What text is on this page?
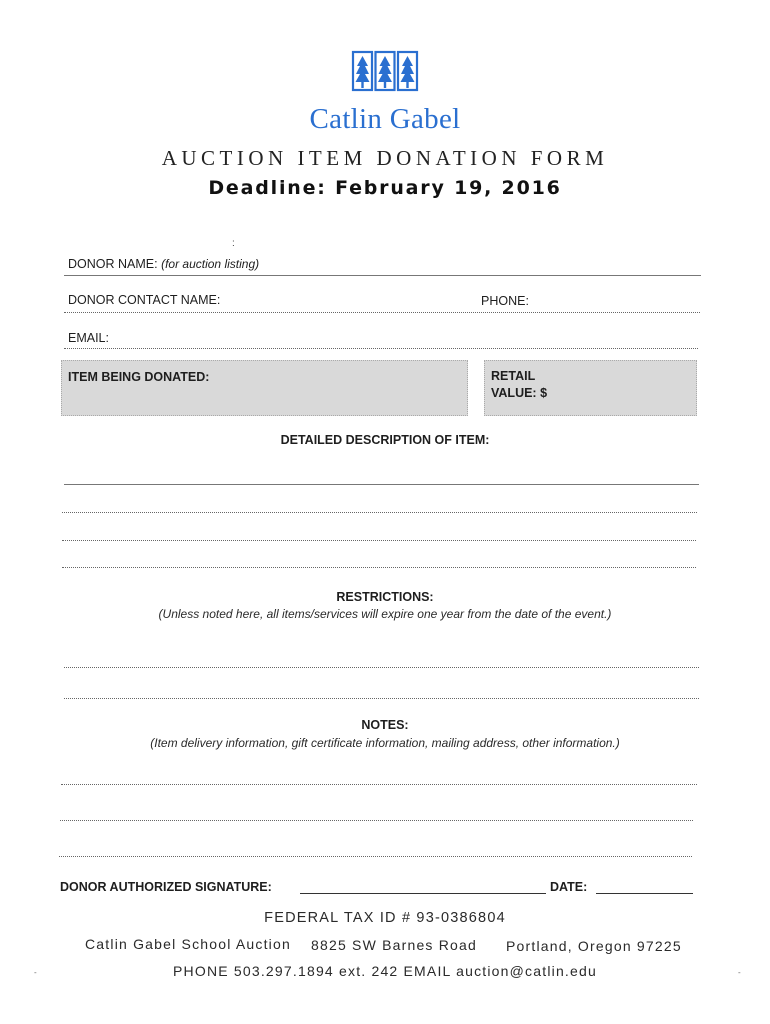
Catlin Gabel
AUCTION ITEM DONATION FORM
Deadline: February 19, 2016
:
DONOR NAME: (for auction listing)
DONOR CONTACT NAME:	PHONE:
EMAIL:
ITEM BEING DONATED:	RETAIL
VALUE: $
DETAILED DESCRIPTION OF ITEM:
RESTRICTIONS:
(Unless noted here, all items/services will expire one year from the date of the event.)
NOTES:
(Item delivery information, gift certificate information, mailing address, other information.)
DONOR AUTHORIZED SIGNATURE:	DATE:
FEDERAL TAX ID # 93-0386804
Catlin Gabel School Auction 8825 SW Barnes Road Portland, Oregon 97225
PHONE 503.297.1894 ext. 242 EMAIL auction@catlin.edu
-	-
